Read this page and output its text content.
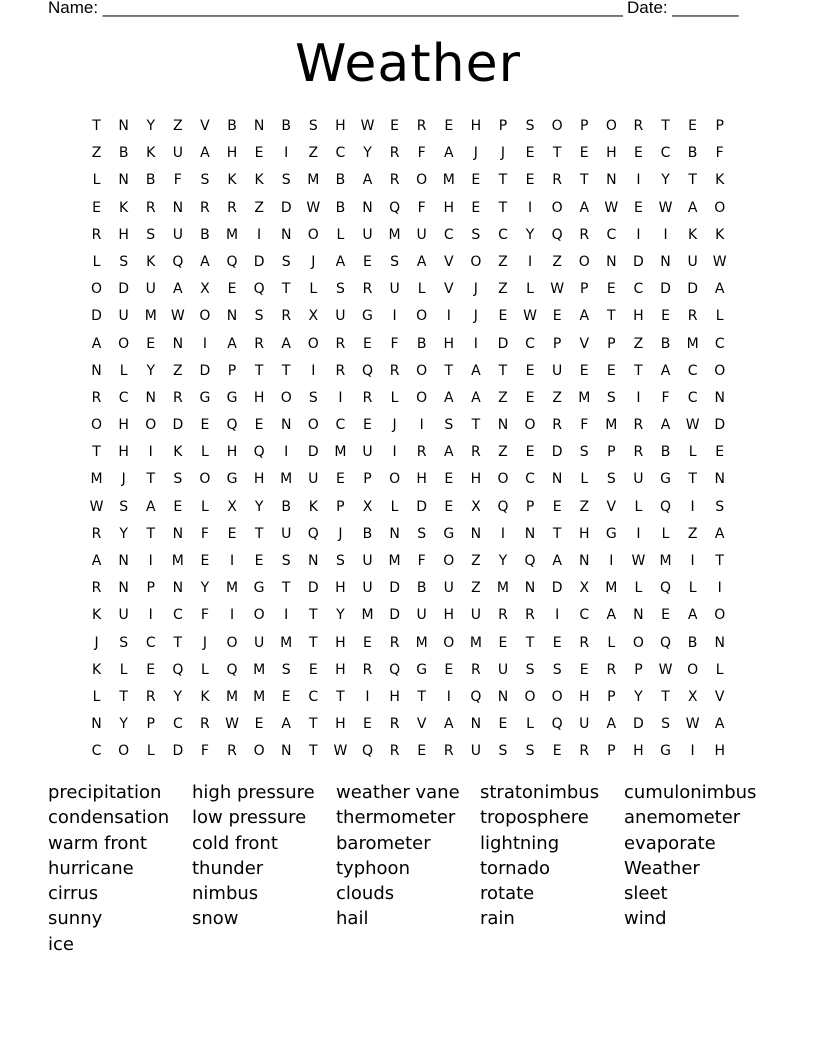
Name: _______________________________________________________ Date: _______
Weather
T	N	Y	Z	V	B	N	B	S	H	W	E	R	E	H	P	S	O	P	O	R	T	E	P
Z	B	K	U	A	H	E	I	Z	C	Y	R	F	A	J	J	E	T	E	H	E	C	B	F
L	N	B	F	S	K	K	S	M	B	A	R	O	M	E	T	E	R	T	N	I	Y	T	K
E	K	R	N	R	R	Z	D	W	B	N	Q	F	H	E	T	I	O	A	W	E	W	A	O
R	H	S	U	B	M	I	N	O	L	U	M	U	C	S	C	Y	Q	R	C	I	I	K	K
L	S	K	Q	A	Q	D	S	J	A	E	S	A	V	O	Z	I	Z	O	N	D	N	U	W
O	D	U	A	X	E	Q	T	L	S	R	U	L	V	J	Z	L	W	P	E	C	D	D	A
D	U	M	W	O	N	S	R	X	U	G	I	O	I	J	E	W	E	A	T	H	E	R	L
A	O	E	N	I	A	R	A	O	R	E	F	B	H	I	D	C	P	V	P	Z	B	M	C
N	L	Y	Z	D	P	T	T	I	R	Q	R	O	T	A	T	E	U	E	E	T	A	C	O
R	C	N	R	G	G	H	O	S	I	R	L	O	A	A	Z	E	Z	M	S	I	F	C	N
O	H	O	D	E	Q	E	N	O	C	E	J	I	S	T	N	O	R	F	M	R	A	W	D
T	H	I	K	L	H	Q	I	D	M	U	I	R	A	R	Z	E	D	S	P	R	B	L	E
M	J	T	S	O	G	H	M	U	E	P	O	H	E	H	O	C	N	L	S	U	G	T	N
W	S	A	E	L	X	Y	B	K	P	X	L	D	E	X	Q	P	E	Z	V	L	Q	I	S
R	Y	T	N	F	E	T	U	Q	J	B	N	S	G	N	I	N	T	H	G	I	L	Z	A
A	N	I	M	E	I	E	S	N	S	U	M	F	O	Z	Y	Q	A	N	I	W	M	I	T
R	N	P	N	Y	M	G	T	D	H	U	D	B	U	Z	M	N	D	X	M	L	Q	L	I
K	U	I	C	F	I	O	I	T	Y	M	D	U	H	U	R	R	I	C	A	N	E	A	O
J	S	C	T	J	O	U	M	T	H	E	R	M	O	M	E	T	E	R	L	O	Q	B	N
K	L	E	Q	L	Q	M	S	E	H	R	Q	G	E	R	U	S	S	E	R	P	W	O	L
L	T	R	Y	K	M	M	E	C	T	I	H	T	I	Q	N	O	O	H	P	Y	T	X	V
N	Y	P	C	R	W	E	A	T	H	E	R	V	A	N	E	L	Q	U	A	D	S	W	A
C	O	L	D	F	R	O	N	T	W	Q	R	E	R	U	S	S	E	R	P	H	G	I	H
precipitation	high pressure	weather vane	stratonimbus	cumulonimbus
condensation	low pressure	thermometer	troposphere	anemometer
warm front	cold front	barometer	lightning	evaporate
hurricane	thunder	typhoon	tornado	Weather
cirrus	nimbus	clouds	rotate	sleet
sunny	snow	hail	rain	wind
ice
